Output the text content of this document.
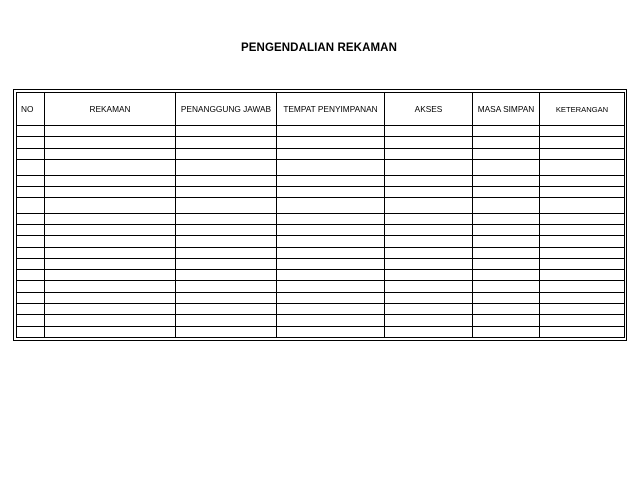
PENGENDALIAN REKAMAN
NO	REKAMAN	PENANGGUNG JAWAB	TEMPAT PENYIMPANAN	AKSES	MASA SIMPAN	KETERANGAN
